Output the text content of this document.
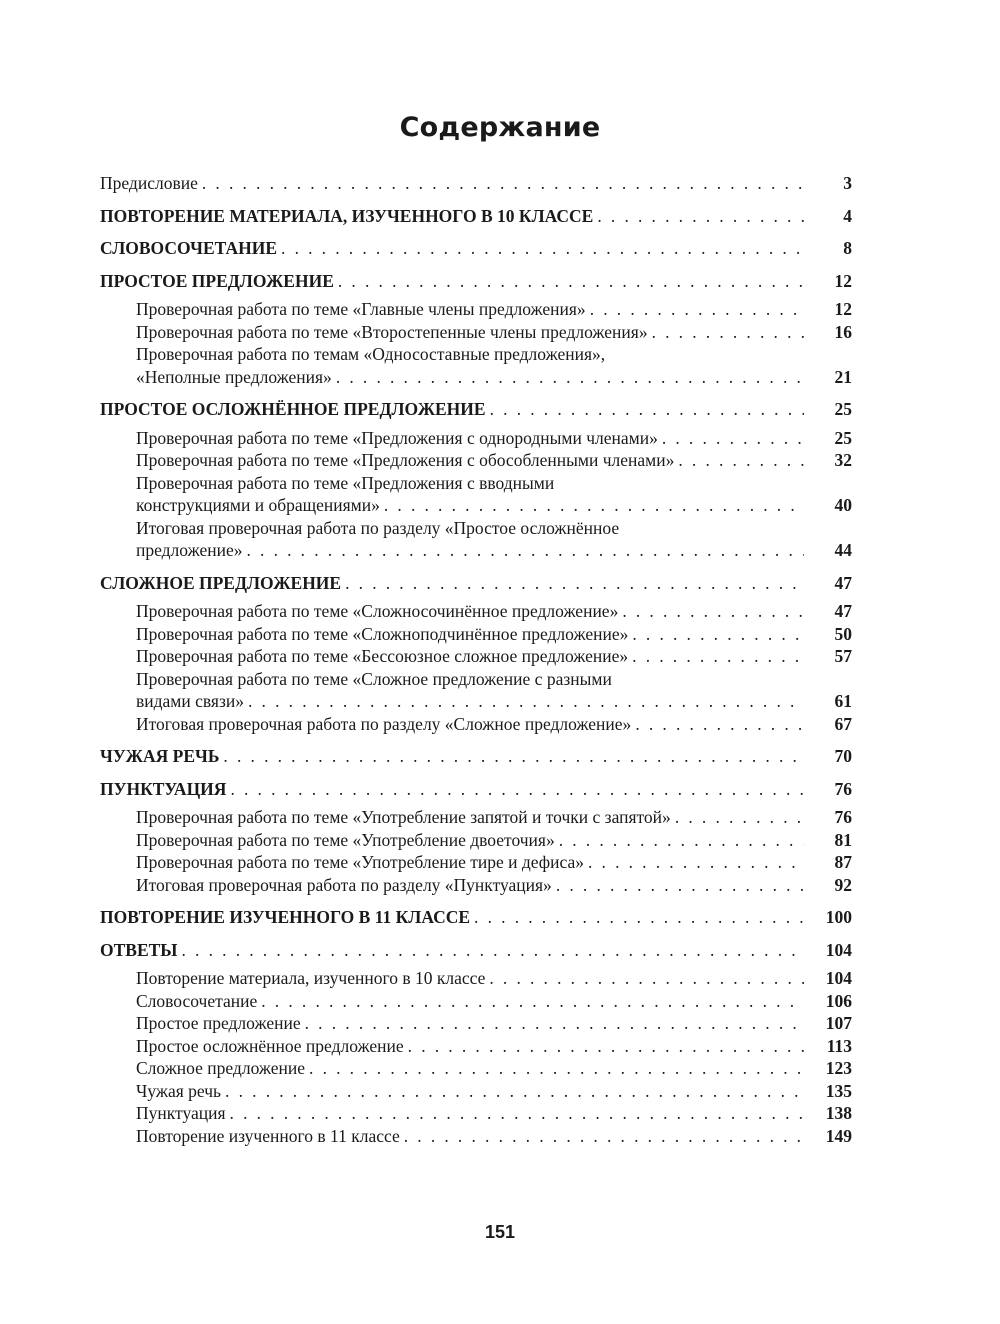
Содержание
Предисловие . . .	3
ПОВТОРЕНИЕ МАТЕРИАЛА, ИЗУЧЕННОГО В 10 КЛАССЕ . . .	4
СЛОВОСОЧЕТАНИЕ . . .	8
ПРОСТОЕ ПРЕДЛОЖЕНИЕ . . .	12
Проверочная работа по теме «Главные члены предложения» . . .	12
Проверочная работа по теме «Второстепенные члены предложения» . . .	16
Проверочная работа по темам «Односоставные предложения»,
«Неполные предложения» . . .	21
ПРОСТОЕ ОСЛОЖНЁННОЕ ПРЕДЛОЖЕНИЕ . . .	25
Проверочная работа по теме «Предложения с однородными членами» . . .	25
Проверочная работа по теме «Предложения с обособленными членами» . . .	32
Проверочная работа по теме «Предложения с вводными
конструкциями и обращениями» . . .	40
Итоговая проверочная работа по разделу «Простое осложнённое
предложение» . . .	44
СЛОЖНОЕ ПРЕДЛОЖЕНИЕ . . .	47
Проверочная работа по теме «Сложносочинённое предложение» . . .	47
Проверочная работа по теме «Сложноподчинённое предложение» . . .	50
Проверочная работа по теме «Бессоюзное сложное предложение» . . .	57
Проверочная работа по теме «Сложное предложение с разными
видами связи» . . .	61
Итоговая проверочная работа по разделу «Сложное предложение» . . .	67
ЧУЖАЯ РЕЧЬ . . .	70
ПУНКТУАЦИЯ . . .	76
Проверочная работа по теме «Употребление запятой и точки с запятой» . . .	76
Проверочная работа по теме «Употребление двоеточия» . . .	81
Проверочная работа по теме «Употребление тире и дефиса» . . .	87
Итоговая проверочная работа по разделу «Пунктуация» . . .	92
ПОВТОРЕНИЕ ИЗУЧЕННОГО В 11 КЛАССЕ . . .	100
ОТВЕТЫ . . .	104
Повторение материала, изученного в 10 классе . . .	104
Словосочетание . . .	106
Простое предложение . . .	107
Простое осложнённое предложение . . .	113
Сложное предложение . . .	123
Чужая речь . . .	135
Пунктуация . . .	138
Повторение изученного в 11 классе . . .	149
151
